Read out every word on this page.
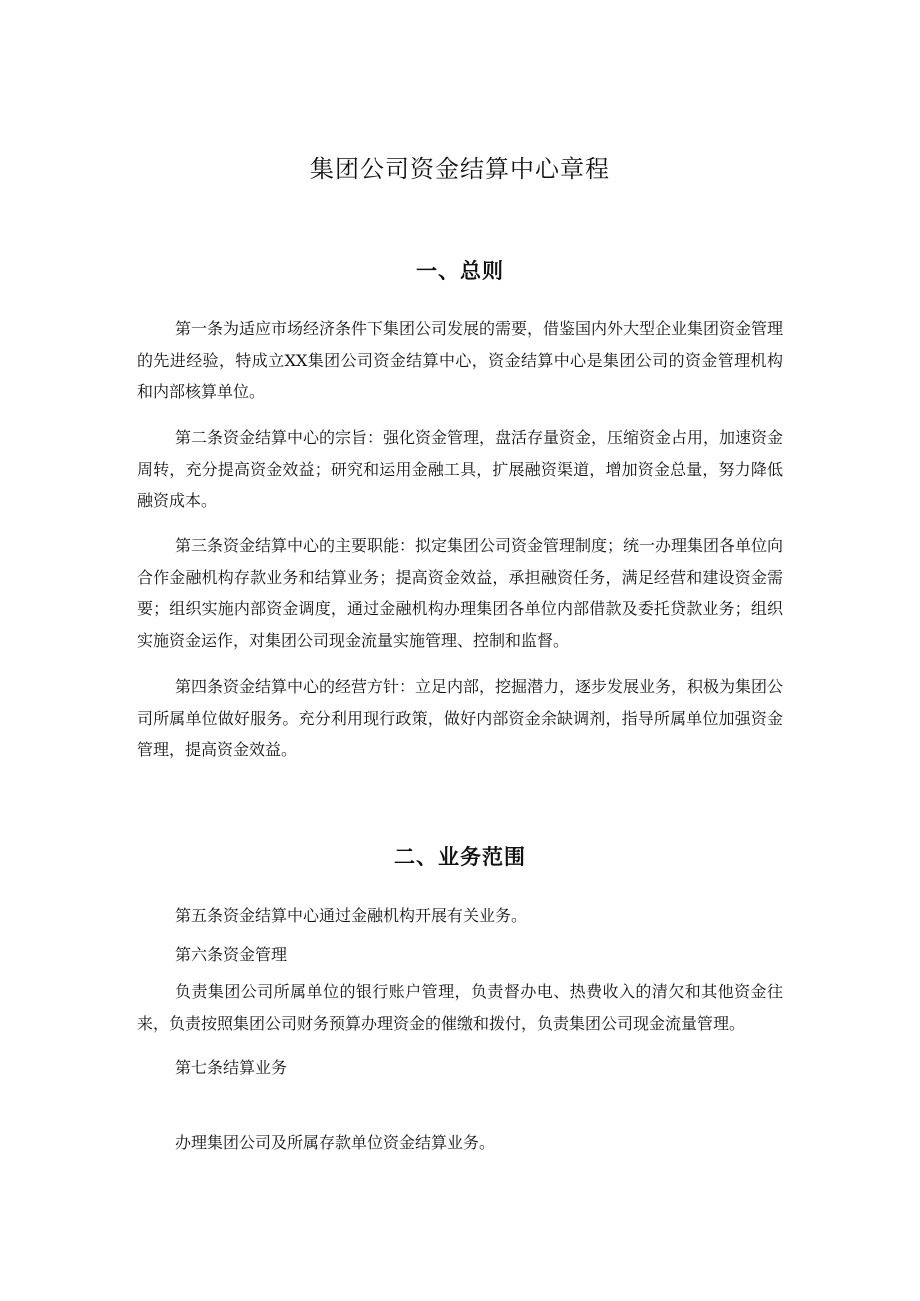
集团公司资金结算中心章程
一、总则

第一条为适应市场经济条件下集团公司发展的需要，借鉴国内外大型企业集团资金管理的先进经验，特成立XX集团公司资金结算中心，资金结算中心是集团公司的资金管理机构和内部核算单位。

第二条资金结算中心的宗旨：强化资金管理，盘活存量资金，压缩资金占用，加速资金周转，充分提高资金效益；研究和运用金融工具，扩展融资渠道，增加资金总量，努力降低融资成本。

第三条资金结算中心的主要职能：拟定集团公司资金管理制度；统一办理集团各单位向合作金融机构存款业务和结算业务；提高资金效益，承担融资任务，满足经营和建设资金需要；组织实施内部资金调度，通过金融机构办理集团各单位内部借款及委托贷款业务；组织实施资金运作，对集团公司现金流量实施管理、控制和监督。

第四条资金结算中心的经营方针：立足内部，挖掘潜力，逐步发展业务，积极为集团公司所属单位做好服务。充分利用现行政策，做好内部资金余缺调剂，指导所属单位加强资金管理，提高资金效益。

二、业务范围

第五条资金结算中心通过金融机构开展有关业务。

第六条资金管理

负责集团公司所属单位的银行账户管理，负责督办电、热费收入的清欠和其他资金往来，负责按照集团公司财务预算办理资金的催缴和拨付，负责集团公司现金流量管理。

第七条结算业务

办理集团公司及所属存款单位资金结算业务。
